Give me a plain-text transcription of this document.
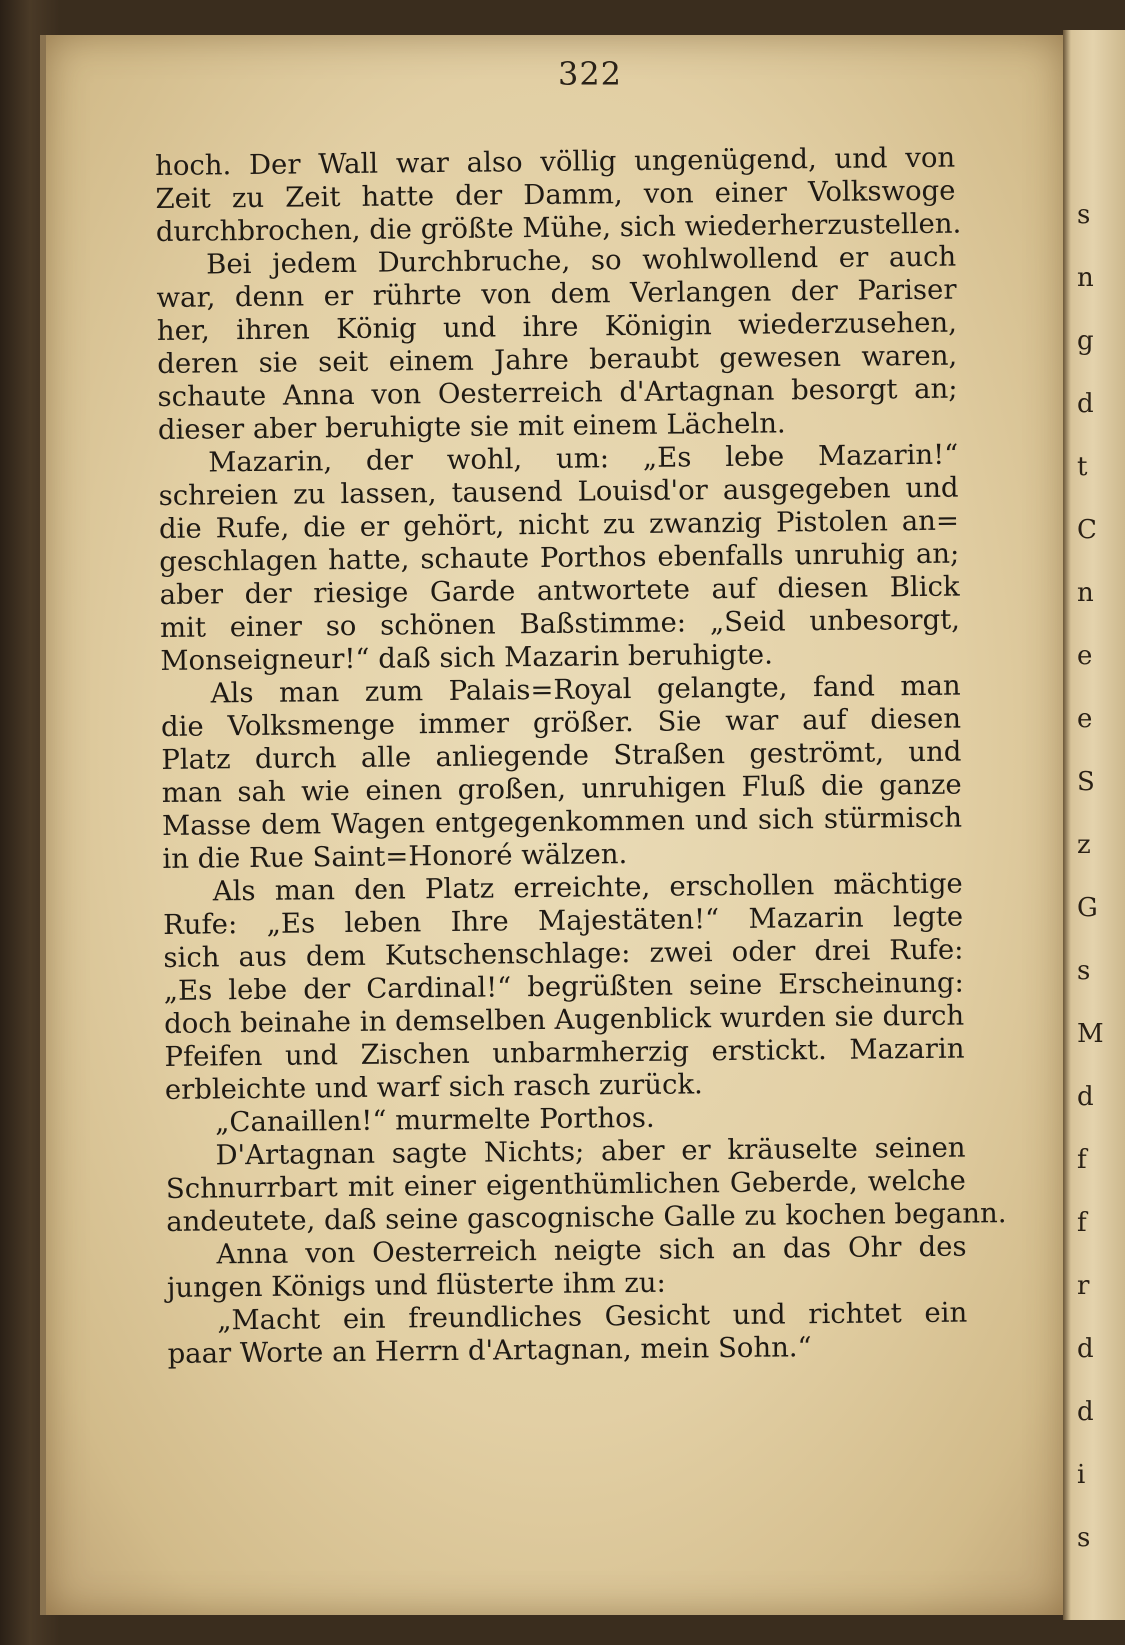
s
n
g
d
t
C
n
e
e
S
z
G
s
M
d
f
f
r
d
d
i
s
322
hoch. Der Wall war also völlig ungenügend, und von
Zeit zu Zeit hatte der Damm, von einer Volkswoge
durchbrochen, die größte Mühe, sich wiederherzustellen.
Bei jedem Durchbruche, so wohlwollend er auch
war, denn er rührte von dem Verlangen der Pariser
her, ihren König und ihre Königin wiederzusehen,
deren sie seit einem Jahre beraubt gewesen waren,
schaute Anna von Oesterreich d'Artagnan besorgt an;
dieser aber beruhigte sie mit einem Lächeln.
Mazarin, der wohl, um: „Es lebe Mazarin!“
schreien zu lassen, tausend Louisd'or ausgegeben und
die Rufe, die er gehört, nicht zu zwanzig Pistolen an=
geschlagen hatte, schaute Porthos ebenfalls unruhig an;
aber der riesige Garde antwortete auf diesen Blick
mit einer so schönen Baßstimme: „Seid unbesorgt,
Monseigneur!“ daß sich Mazarin beruhigte.
Als man zum Palais=Royal gelangte, fand man
die Volksmenge immer größer. Sie war auf diesen
Platz durch alle anliegende Straßen geströmt, und
man sah wie einen großen, unruhigen Fluß die ganze
Masse dem Wagen entgegenkommen und sich stürmisch
in die Rue Saint=Honoré wälzen.
Als man den Platz erreichte, erschollen mächtige
Rufe: „Es leben Ihre Majestäten!“ Mazarin legte
sich aus dem Kutschenschlage: zwei oder drei Rufe:
„Es lebe der Cardinal!“ begrüßten seine Erscheinung:
doch beinahe in demselben Augenblick wurden sie durch
Pfeifen und Zischen unbarmherzig erstickt. Mazarin
erbleichte und warf sich rasch zurück.
„Canaillen!“ murmelte Porthos.
D'Artagnan sagte Nichts; aber er kräuselte seinen
Schnurrbart mit einer eigenthümlichen Geberde, welche
andeutete, daß seine gascognische Galle zu kochen begann.
Anna von Oesterreich neigte sich an das Ohr des
jungen Königs und flüsterte ihm zu:
„Macht ein freundliches Gesicht und richtet ein
paar Worte an Herrn d'Artagnan, mein Sohn.“
